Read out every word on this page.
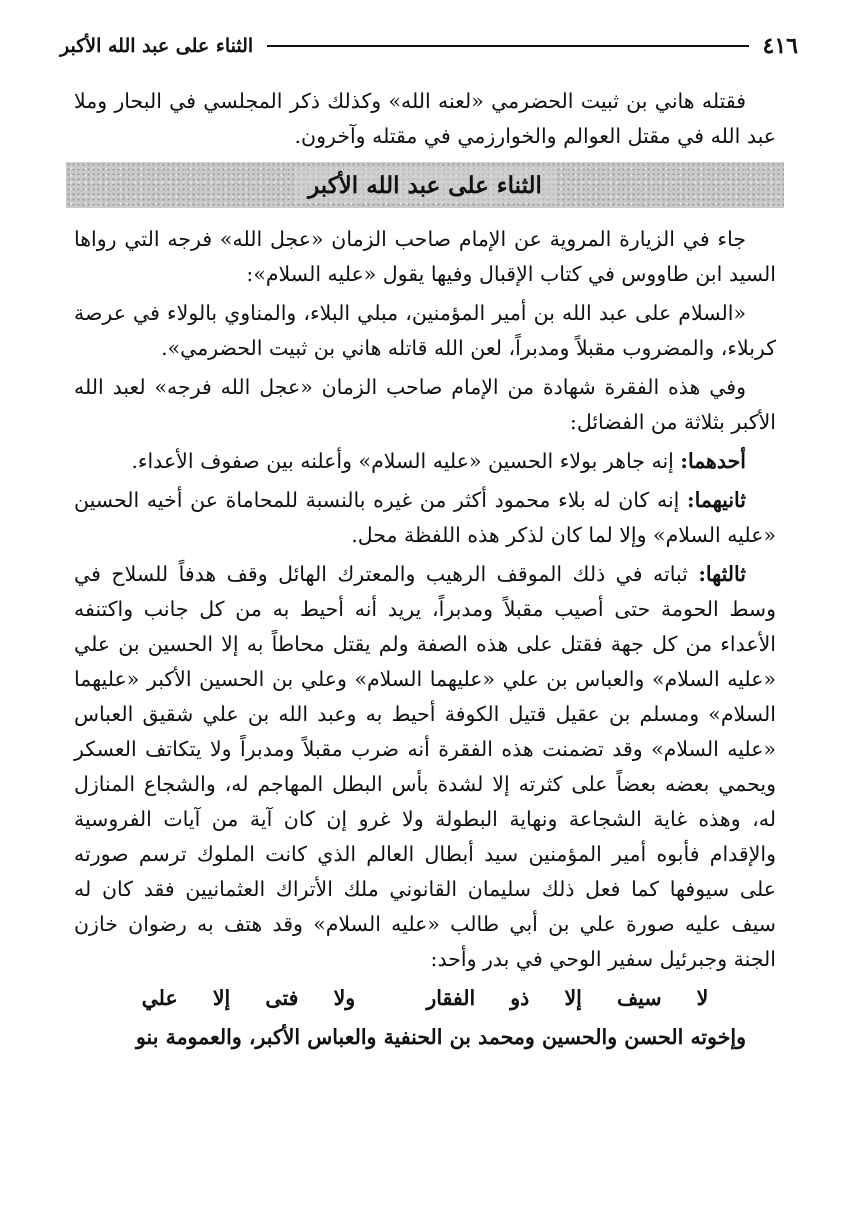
٤١٦
الثناء على عبد الله الأكبر

فقتله هاني بن ثبيت الحضرمي «لعنه الله» وكذلك ذكر المجلسي في البحار وملا عبد الله في مقتل العوالم والخوارزمي في مقتله وآخرون.

الثناء على عبد الله الأكبر

جاء في الزيارة المروية عن الإمام صاحب الزمان «عجل الله» فرجه التي رواها السيد ابن طاووس في كتاب الإقبال وفيها يقول «عليه السلام»:

«السلام على عبد الله بن أمير المؤمنين، مبلي البلاء، والمناوي بالولاء في عرصة كربلاء، والمضروب مقبلاً ومدبراً، لعن الله قاتله هاني بن ثبيت الحضرمي».

وفي هذه الفقرة شهادة من الإمام صاحب الزمان «عجل الله فرجه» لعبد الله الأكبر بثلاثة من الفضائل:

أحدهما: إنه جاهر بولاء الحسين «عليه السلام» وأعلنه بين صفوف الأعداء.

ثانيهما: إنه كان له بلاء محمود أكثر من غيره بالنسبة للمحاماة عن أخيه الحسين «عليه السلام» وإلا لما كان لذكر هذه اللفظة محل.

ثالثها: ثباته في ذلك الموقف الرهيب والمعترك الهائل وقف هدفاً للسلاح في وسط الحومة حتى أصيب مقبلاً ومدبراً، يريد أنه أحيط به من كل جانب واكتنفه الأعداء من كل جهة فقتل على هذه الصفة ولم يقتل محاطاً به إلا الحسين بن علي «عليه السلام» والعباس بن علي «عليهما السلام» وعلي بن الحسين الأكبر «عليهما السلام» ومسلم بن عقيل قتيل الكوفة أحيط به وعبد الله بن علي شقيق العباس «عليه السلام» وقد تضمنت هذه الفقرة أنه ضرب مقبلاً ومدبراً ولا يتكاتف العسكر ويحمي بعضه بعضاً على كثرته إلا لشدة بأس البطل المهاجم له، والشجاع المنازل له، وهذه غاية الشجاعة ونهاية البطولة ولا غرو إن كان آية من آيات الفروسية والإقدام فأبوه أمير المؤمنين سيد أبطال العالم الذي كانت الملوك ترسم صورته على سيوفها كما فعل ذلك سليمان القانوني ملك الأتراك العثمانيين فقد كان له سيف عليه صورة علي بن أبي طالب «عليه السلام» وقد هتف به رضوان خازن الجنة وجبرئيل سفير الوحي في بدر وأحد:

لا سيف إلا ذو الفقار ولا فتى إلا علي

وإخوته الحسن والحسين ومحمد بن الحنفية والعباس الأكبر، والعمومة بنو
